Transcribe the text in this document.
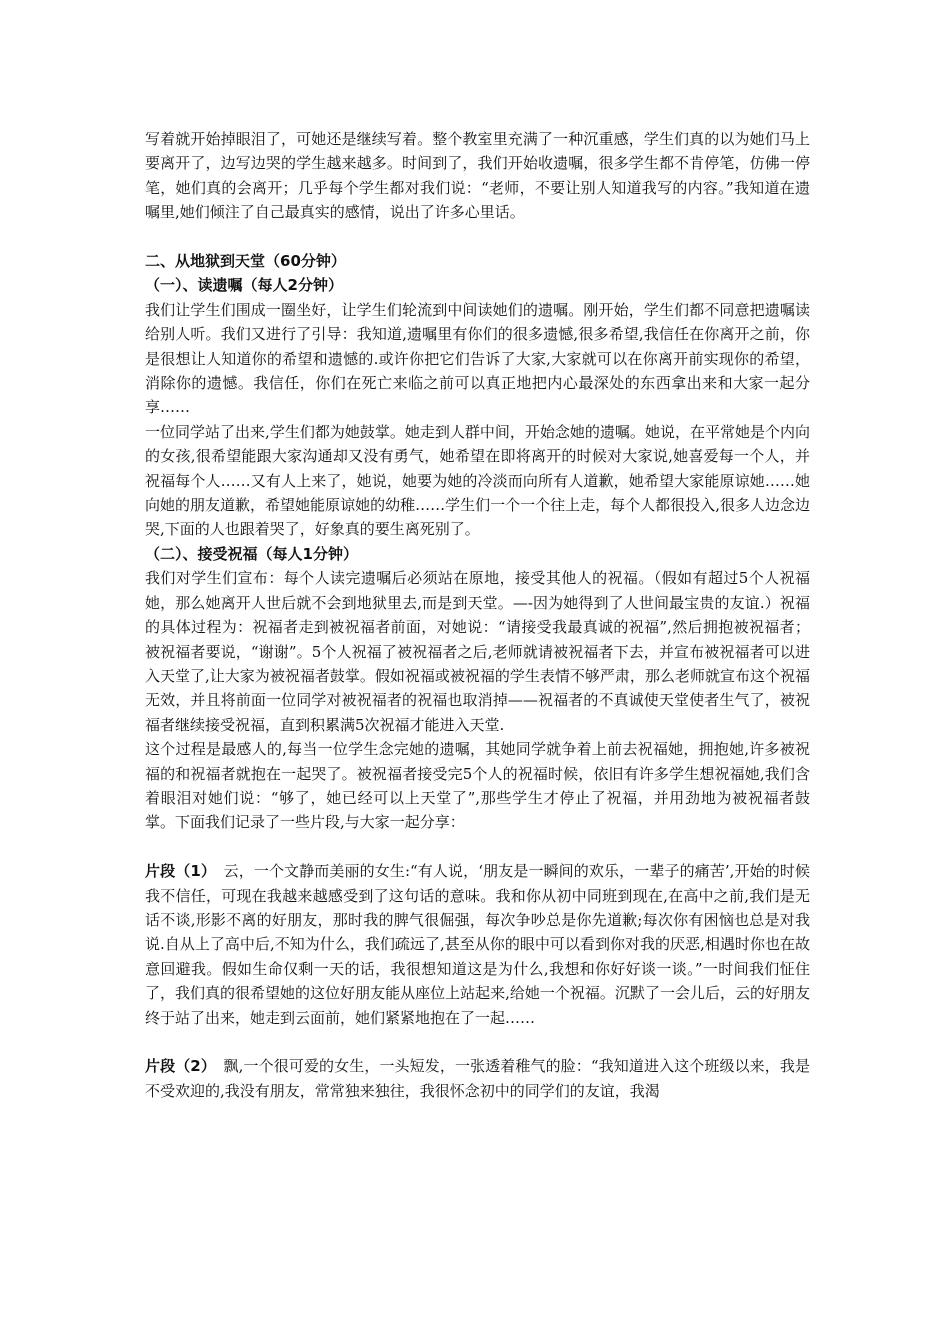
写着就开始掉眼泪了，可她还是继续写着。整个教室里充满了一种沉重感，学生们真的以为她们马上要离开了，边写边哭的学生越来越多。时间到了，我们开始收遗嘱，很多学生都不肯停笔，仿佛一停笔，她们真的会离开；几乎每个学生都对我们说：“老师，不要让别人知道我写的内容。”我知道在遗嘱里,她们倾注了自己最真实的感情，说出了许多心里话。

二、从地狱到天堂（60分钟）

（一）、读遗嘱（每人2分钟）

我们让学生们围成一圈坐好，让学生们轮流到中间读她们的遗嘱。刚开始，学生们都不同意把遗嘱读给别人听。我们又进行了引导：我知道,遗嘱里有你们的很多遗憾,很多希望,我信任在你离开之前，你是很想让人知道你的希望和遗憾的.或许你把它们告诉了大家,大家就可以在你离开前实现你的希望，消除你的遗憾。我信任，你们在死亡来临之前可以真正地把内心最深处的东西拿出来和大家一起分享……

一位同学站了出来,学生们都为她鼓掌。她走到人群中间，开始念她的遗嘱。她说，在平常她是个内向的女孩,很希望能跟大家沟通却又没有勇气，她希望在即将离开的时候对大家说,她喜爱每一个人，并祝福每个人……又有人上来了，她说，她要为她的冷淡而向所有人道歉，她希望大家能原谅她……她向她的朋友道歉，希望她能原谅她的幼稚……学生们一个一个往上走，每个人都很投入,很多人边念边哭,下面的人也跟着哭了，好象真的要生离死别了。

（二）、接受祝福（每人1分钟）

我们对学生们宣布：每个人读完遗嘱后必须站在原地，接受其他人的祝福。（假如有超过5个人祝福她，那么她离开人世后就不会到地狱里去,而是到天堂。—-因为她得到了人世间最宝贵的友谊.）祝福的具体过程为：祝福者走到被祝福者前面，对她说：“请接受我最真诚的祝福”,然后拥抱被祝福者；被祝福者要说，“谢谢”。5个人祝福了被祝福者之后,老师就请被祝福者下去，并宣布被祝福者可以进入天堂了,让大家为被祝福者鼓掌。假如祝福或被祝福的学生表情不够严肃，那么老师就宣布这个祝福无效，并且将前面一位同学对被祝福者的祝福也取消掉——祝福者的不真诚使天堂使者生气了，被祝福者继续接受祝福，直到积累满5次祝福才能进入天堂.

这个过程是最感人的,每当一位学生念完她的遗嘱，其她同学就争着上前去祝福她，拥抱她,许多被祝福的和祝福者就抱在一起哭了。被祝福者接受完5个人的祝福时候，依旧有许多学生想祝福她,我们含着眼泪对她们说：“够了，她已经可以上天堂了”,那些学生才停止了祝福，并用劲地为被祝福者鼓掌。下面我们记录了一些片段,与大家一起分享：

片段（1）　云，一个文静而美丽的女生:“有人说，‘朋友是一瞬间的欢乐，一辈子的痛苦’,开始的时候我不信任，可现在我越来越感受到了这句话的意味。我和你从初中同班到现在,在高中之前,我们是无话不谈,形影不离的好朋友，那时我的脾气很倔强，每次争吵总是你先道歉;每次你有困恼也总是对我说.自从上了高中后,不知为什么，我们疏远了,甚至从你的眼中可以看到你对我的厌恶,相遇时你也在故意回避我。假如生命仅剩一天的话，我很想知道这是为什么,我想和你好好谈一谈。”一时间我们怔住了，我们真的很希望她的这位好朋友能从座位上站起来,给她一个祝福。沉默了一会儿后，云的好朋友终于站了出来，她走到云面前，她们紧紧地抱在了一起……

片段（2）　飘,一个很可爱的女生，一头短发，一张透着稚气的脸：“我知道进入这个班级以来，我是不受欢迎的,我没有朋友，常常独来独往，我很怀念初中的同学们的友谊，我渴
